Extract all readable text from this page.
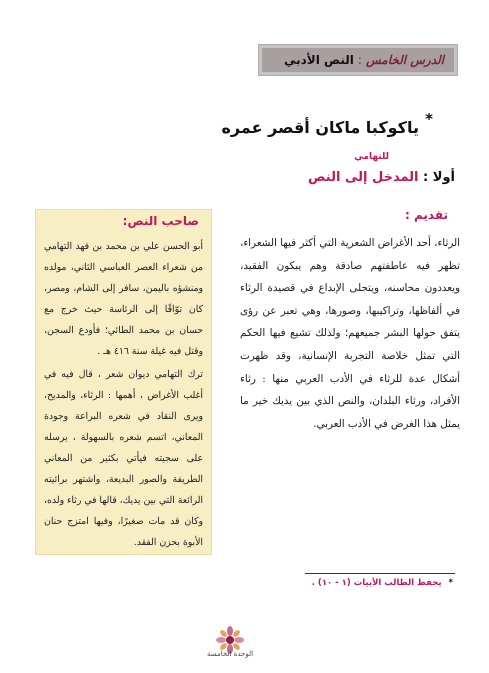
الدرس الخامس
:
النص الأدبي
ياكوكبا ماكان أقصر عمره *
للتهامي
أولا : المدخل إلى النص
تقديم :

الرثاء، أحد الأغراض الشعرية التي أكثر فيها الشعراء، تظهر فيه عاطفتهم صادقة وهم يبكون الفقيد، ويعددون محاسنه، ويتجلى الإبداع في قصيدة الرثاء في ألفاظها، وتراكيبها، وصورها، وهي تعبر عن رؤى يتفق حولها البشر جميعهم؛ ولذلك تشيع فيها الحكم التي تمثل خلاصة التجربة الإنسانية، وقد ظهرت أشكال عدة للرثاء في الأدب العربي منها : رثاء الأفراد، ورثاء البلدان، والنص الذي بين يديك خير ما يمثل هذا الغرض في الأدب العربي.

صاحب النص:

أبو الحسن علي بن محمد بن فهد التهامي من شعراء العصر العباسي الثاني، مولده ومنشؤه باليمن، سافر إلى الشام، ومصر، كان توّاقًا إلى الرئاسة حيث خرج مع حسان بن محمد الطائي؛ فأودع السجن، وقتل فيه غيلة سنة ٤١٦ هـ .

ترك التهامي ديوان شعر ، قال فيه في أغلب الأغراض ، أهمها : الرثاء، والمديح، ويرى النقاد في شعره البراعة وجودة المعاني، اتسم شعره بالسهولة ، يرسله على سجيته فيأتي بكثير من المعاني الطريفة والصور البديعة، واشتهر برائيته الرائعة التي بين يديك، قالها في رثاء ولده، وكان قد مات صغيرًا، وفيها امتزج حنان الأبوة بحزن الفقد.

* يحفظ الطالب الأبيات (١ - ١٠) .
الوحدة الخامسة
